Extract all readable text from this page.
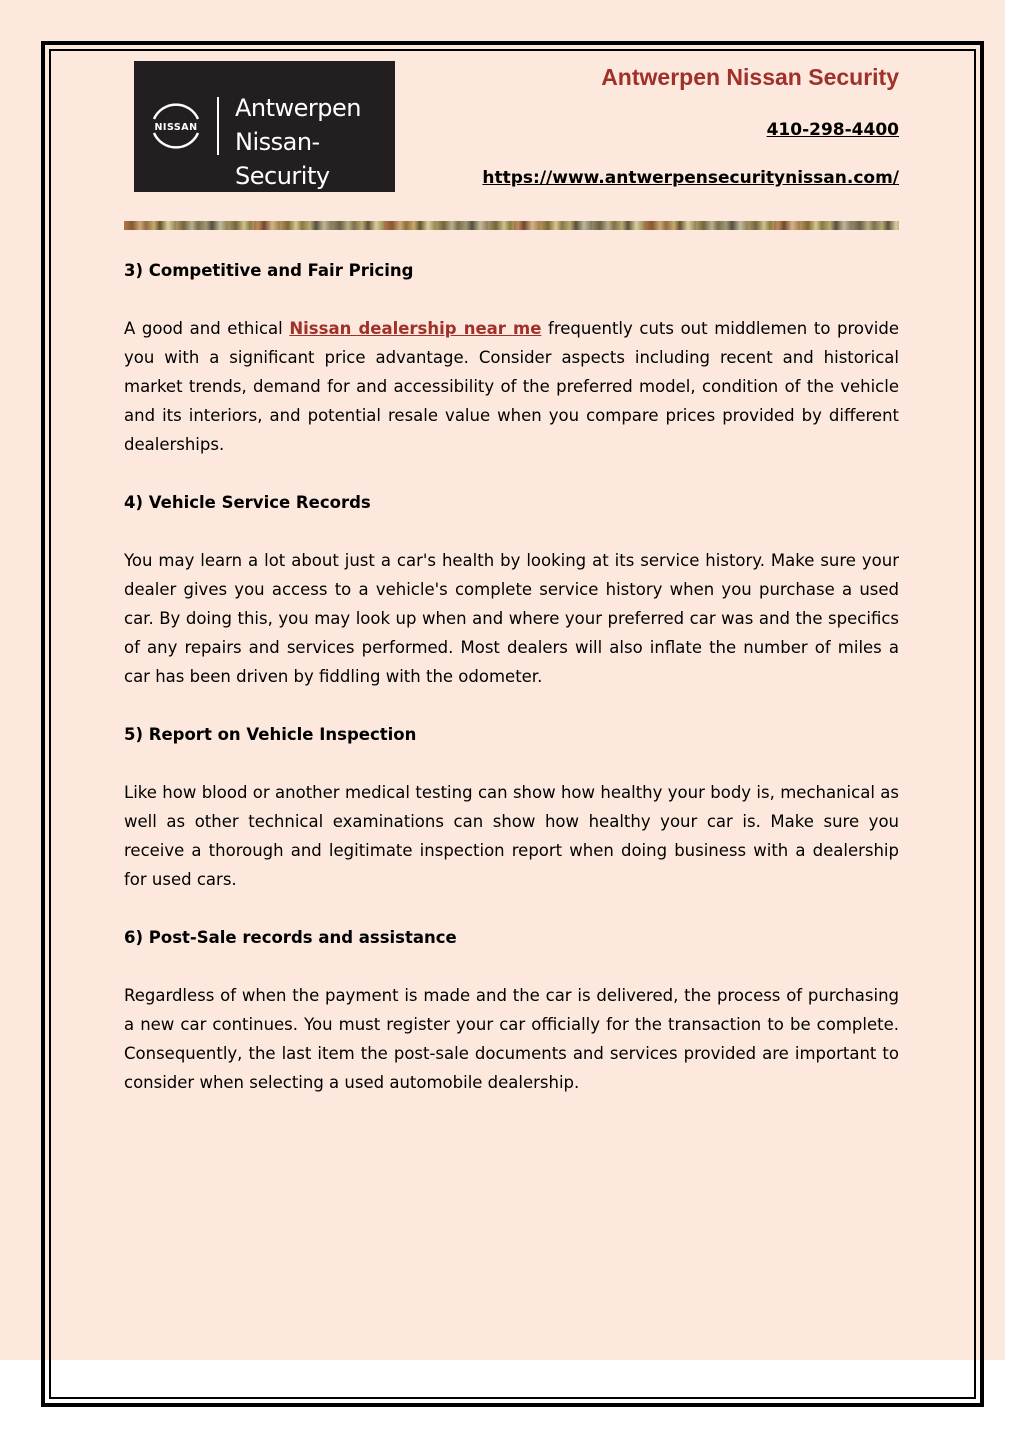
NISSAN
Antwerpen
Nissan-Security
Antwerpen Nissan Security
410-298-4400
https://www.antwerpensecuritynissan.com/

3) Competitive and Fair Pricing

A good and ethical Nissan dealership near me frequently cuts out middlemen to provide you with a significant price advantage. Consider aspects including recent and historical market trends, demand for and accessibility of the preferred model, condition of the vehicle and its interiors, and potential resale value when you compare prices provided by different dealerships.

4) Vehicle Service Records

You may learn a lot about just a car's health by looking at its service history. Make sure your dealer gives you access to a vehicle's complete service history when you purchase a used car. By doing this, you may look up when and where your preferred car was and the specifics of any repairs and services performed. Most dealers will also inflate the number of miles a car has been driven by fiddling with the odometer.

5) Report on Vehicle Inspection

Like how blood or another medical testing can show how healthy your body is, mechanical as well as other technical examinations can show how healthy your car is. Make sure you receive a thorough and legitimate inspection report when doing business with a dealership for used cars.

6) Post-Sale records and assistance

Regardless of when the payment is made and the car is delivered, the process of purchasing a new car continues. You must register your car officially for the transaction to be complete. Consequently, the last item the post-sale documents and services provided are important to consider when selecting a used automobile dealership.
